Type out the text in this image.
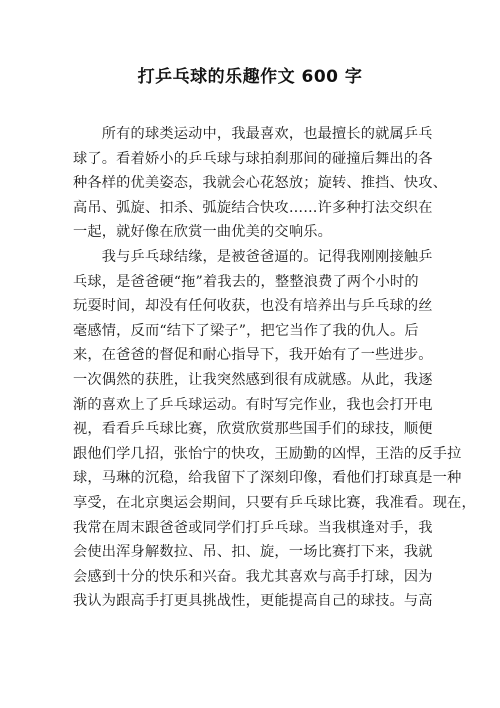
打乒乓球的乐趣作文 600 字
　　所有的球类运动中，我最喜欢，也最擅长的就属乒乓
球了。看着娇小的乒乓球与球拍刹那间的碰撞后舞出的各
种各样的优美姿态，我就会心花怒放；旋转、推挡、快攻、
高吊、弧旋、扣杀、弧旋结合快攻……许多种打法交织在
一起，就好像在欣赏一曲优美的交响乐。
　　我与乒乓球结缘，是被爸爸逼的。记得我刚刚接触乒
乓球，是爸爸硬“拖”着我去的，整整浪费了两个小时的
玩耍时间，却没有任何收获，也没有培养出与乒乓球的丝
毫感情，反而“结下了梁子”，把它当作了我的仇人。后
来，在爸爸的督促和耐心指导下，我开始有了一些进步。
一次偶然的获胜，让我突然感到很有成就感。从此，我逐
渐的喜欢上了乒乓球运动。有时写完作业，我也会打开电
视，看看乒乓球比赛，欣赏欣赏那些国手们的球技，顺便
跟他们学几招，张怡宁的快攻，王励勤的凶悍，王浩的反手拉
球，马琳的沉稳，给我留下了深刻印像，看他们打球真是一种
享受，在北京奥运会期间，只要有乒乓球比赛，我准看。现在，
我常在周末跟爸爸或同学们打乒乓球。当我棋逢对手，我
会使出浑身解数拉、吊、扣、旋，一场比赛打下来，我就
会感到十分的快乐和兴奋。我尤其喜欢与高手打球，因为
我认为跟高手打更具挑战性，更能提高自己的球技。与高
